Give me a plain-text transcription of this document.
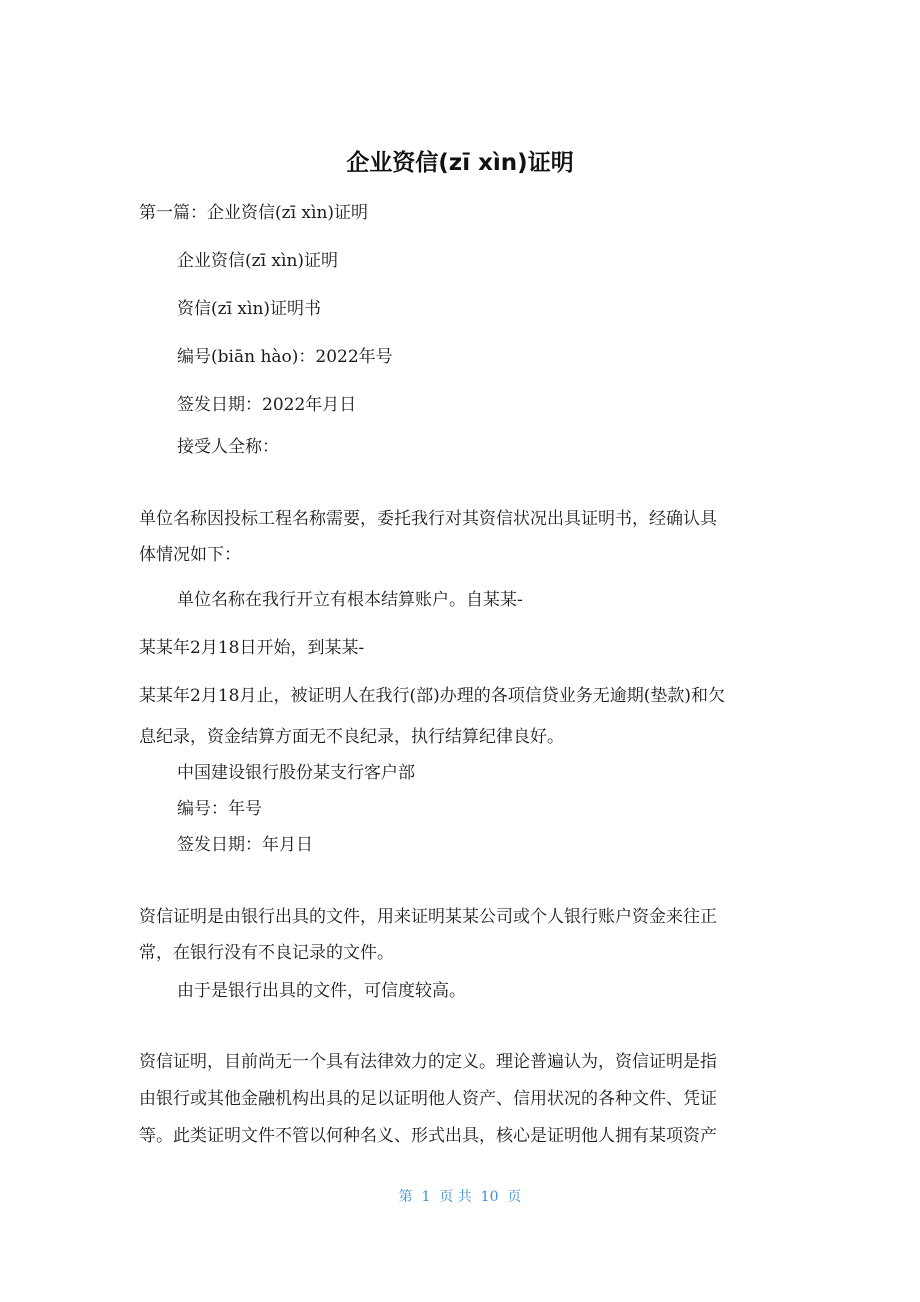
企业资信(zī xìn)证明
第一篇：企业资信(zī xìn)证明
企业资信(zī xìn)证明
资信(zī xìn)证明书
编号(biān hào)：2022年号
签发日期：2022年月日
接受人全称：
单位名称因投标工程名称需要，委托我行对其资信状况出具证明书，经确认具
体情况如下：
单位名称在我行开立有根本结算账户。自某某-
某某年2月18日开始，到某某-
某某年2月18月止，被证明人在我行(部)办理的各项信贷业务无逾期(垫款)和欠
息纪录，资金结算方面无不良纪录，执行结算纪律良好。
中国建设银行股份某支行客户部
编号：年号
签发日期：年月日
资信证明是由银行出具的文件，用来证明某某公司或个人银行账户资金来往正
常，在银行没有不良记录的文件。
由于是银行出具的文件，可信度较高。
资信证明，目前尚无一个具有法律效力的定义。理论普遍认为，资信证明是指
由银行或其他金融机构出具的足以证明他人资产、信用状况的各种文件、凭证
等。此类证明文件不管以何种名义、形式出具，核心是证明他人拥有某项资产
第  1  页 共  10  页
